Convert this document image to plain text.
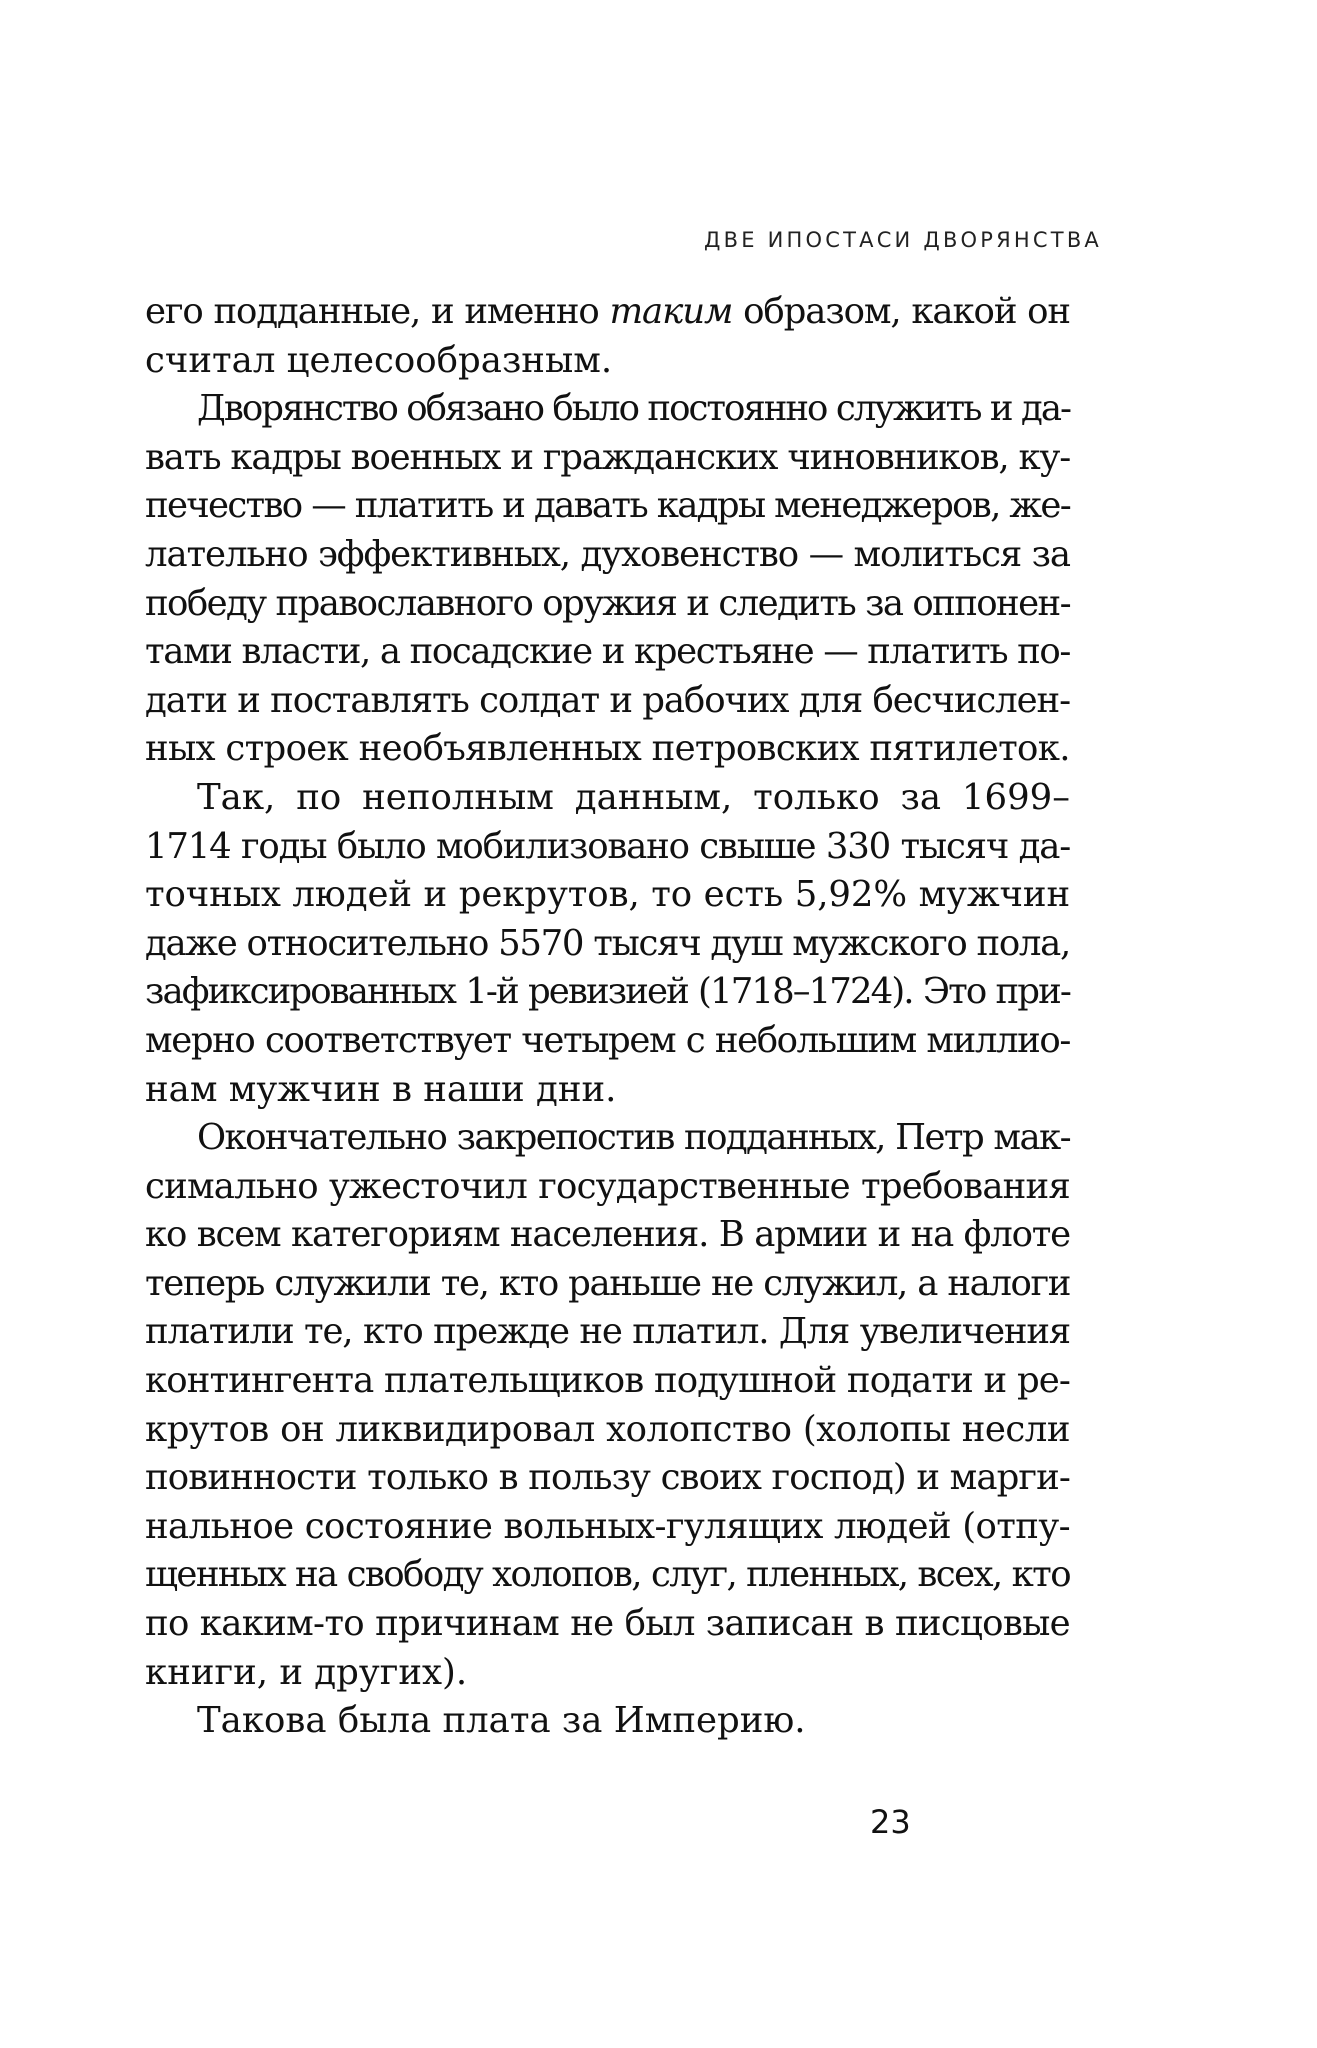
ДВЕ ИПОСТАСИ ДВОРЯНСТВА
его подданные, и именно таким образом, какой он
считал целесообразным.
Дворянство обязано было постоянно служить и да-
вать кадры военных и гражданских чиновников, ку-
печество — платить и давать кадры менеджеров, же-
лательно эффективных, духовенство — молиться за
победу православного оружия и следить за оппонен-
тами власти, а посадские и крестьяне — платить по-
дати и поставлять солдат и рабочих для бесчислен-
ных строек необъявленных петровских пятилеток.
Так, по неполным данным, только за 1699–
1714 годы было мобилизовано свыше 330 тысяч да-
точных людей и рекрутов, то есть 5,92% мужчин
даже относительно 5570 тысяч душ мужского пола,
зафиксированных 1-й ревизией (1718–1724). Это при-
мерно соответствует четырем с небольшим миллио-
нам мужчин в наши дни.
Окончательно закрепостив подданных, Петр мак-
симально ужесточил государственные требования
ко всем категориям населения. В армии и на флоте
теперь служили те, кто раньше не служил, а налоги
платили те, кто прежде не платил. Для увеличения
контингента плательщиков подушной подати и ре-
крутов он ликвидировал холопство (холопы несли
повинности только в пользу своих господ) и марги-
нальное состояние вольных-гулящих людей (отпу-
щенных на свободу холопов, слуг, пленных, всех, кто
по каким-то причинам не был записан в писцовые
книги, и других).
Такова была плата за Империю.
23
